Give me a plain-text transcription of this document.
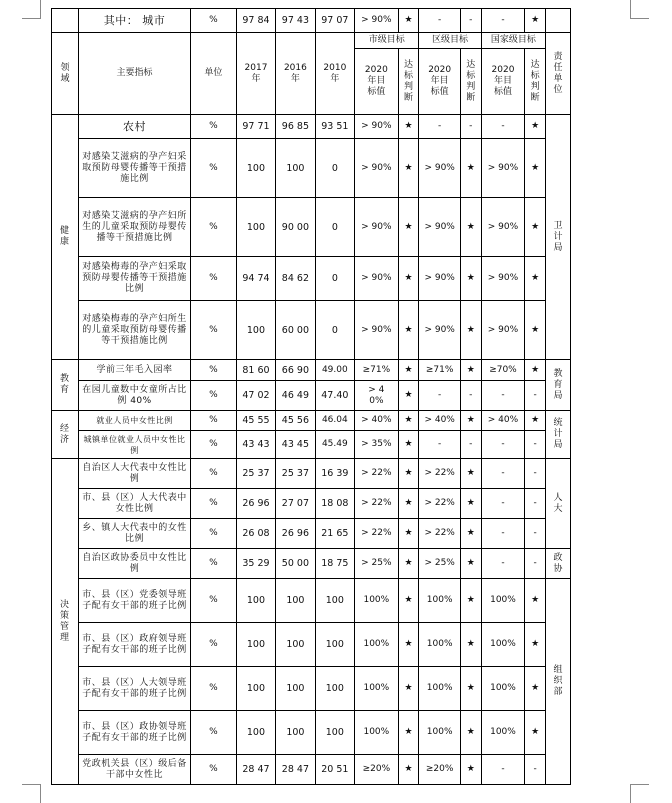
	其中： 城市	%	97 84	97 43	97 07	> 90%	★	-	-	-	★	
领域	主要指标	单位	2017年	2016年	2010年	市级目标		区级目标		国家级目标		责任单位
						2020年目标值	达标判断	2020年目标值	达标判断	2020年目标值	达标判断	
健康	农村	%	97 71	96 85	93 51	> 90%	★	-	-	-	★	卫计局
	对感染艾滋病的孕产妇采取预防母婴传播等干预措施比例	%	100	100	0	> 90%	★	> 90%	★	> 90%	★	
	对感染艾滋病的孕产妇所生的儿童采取预防母婴传播等干预措施比例	%	100	90 00	0	> 90%	★	> 90%	★	> 90%	★	
	对感染梅毒的孕产妇采取预防母婴传播等干预措施比例	%	94 74	84 62	0	> 90%	★	> 90%	★	> 90%	★	
	对感染梅毒的孕产妇所生的儿童采取预防母婴传播等干预措施比例	%	100	60 00	0	> 90%	★	> 90%	★	> 90%	★	
教育	学前三年毛入园率	%	81 60	66 90	49.00	≥71%	★	≥71%	★	≥70%	★	教育局
	在园儿童数中女童所占比例 40%	%	47 02	46 49	47.40	> 40%	★	-	-	-	-	
经济	就业人员中女性比例	%	45 55	45 56	46.04	> 40%	★	> 40%	★	> 40%	★	统计局
	城镇单位就业人员中女性比例	%	43 43	43 45	45.49	> 35%	★	-	-	-	-	
决策管理	自治区人大代表中女性比例	%	25 37	25 37	16 39	> 22%	★	> 22%	★	-	-	人大
	市、县（区）人大代表中女性比例	%	26 96	27 07	18 08	> 22%	★	> 22%	★	-	-	
	乡、镇人大代表中的女性比例	%	26 08	26 96	21 65	> 22%	★	> 22%	★	-	-	
	自治区政协委员中女性比例	%	35 29	50 00	18 75	> 25%	★	> 25%	★	-	-	政协
	市、县（区）党委领导班子配有女干部的班子比例	%	100	100	100	100%	★	100%	★	100%	★	组织部
	市、县（区）政府领导班子配有女干部的班子比例	%	100	100	100	100%	★	100%	★	100%	★	
	市、县（区）人大领导班子配有女干部的班子比例	%	100	100	100	100%	★	100%	★	100%	★	
	市、县（区）政协领导班子配有女干部的班子比例	%	100	100	100	100%	★	100%	★	100%	★	
	党政机关县（区）级后备干部中女性比	%	28 47	28 47	20 51	≥20%	★	≥20%	★	-	-	
